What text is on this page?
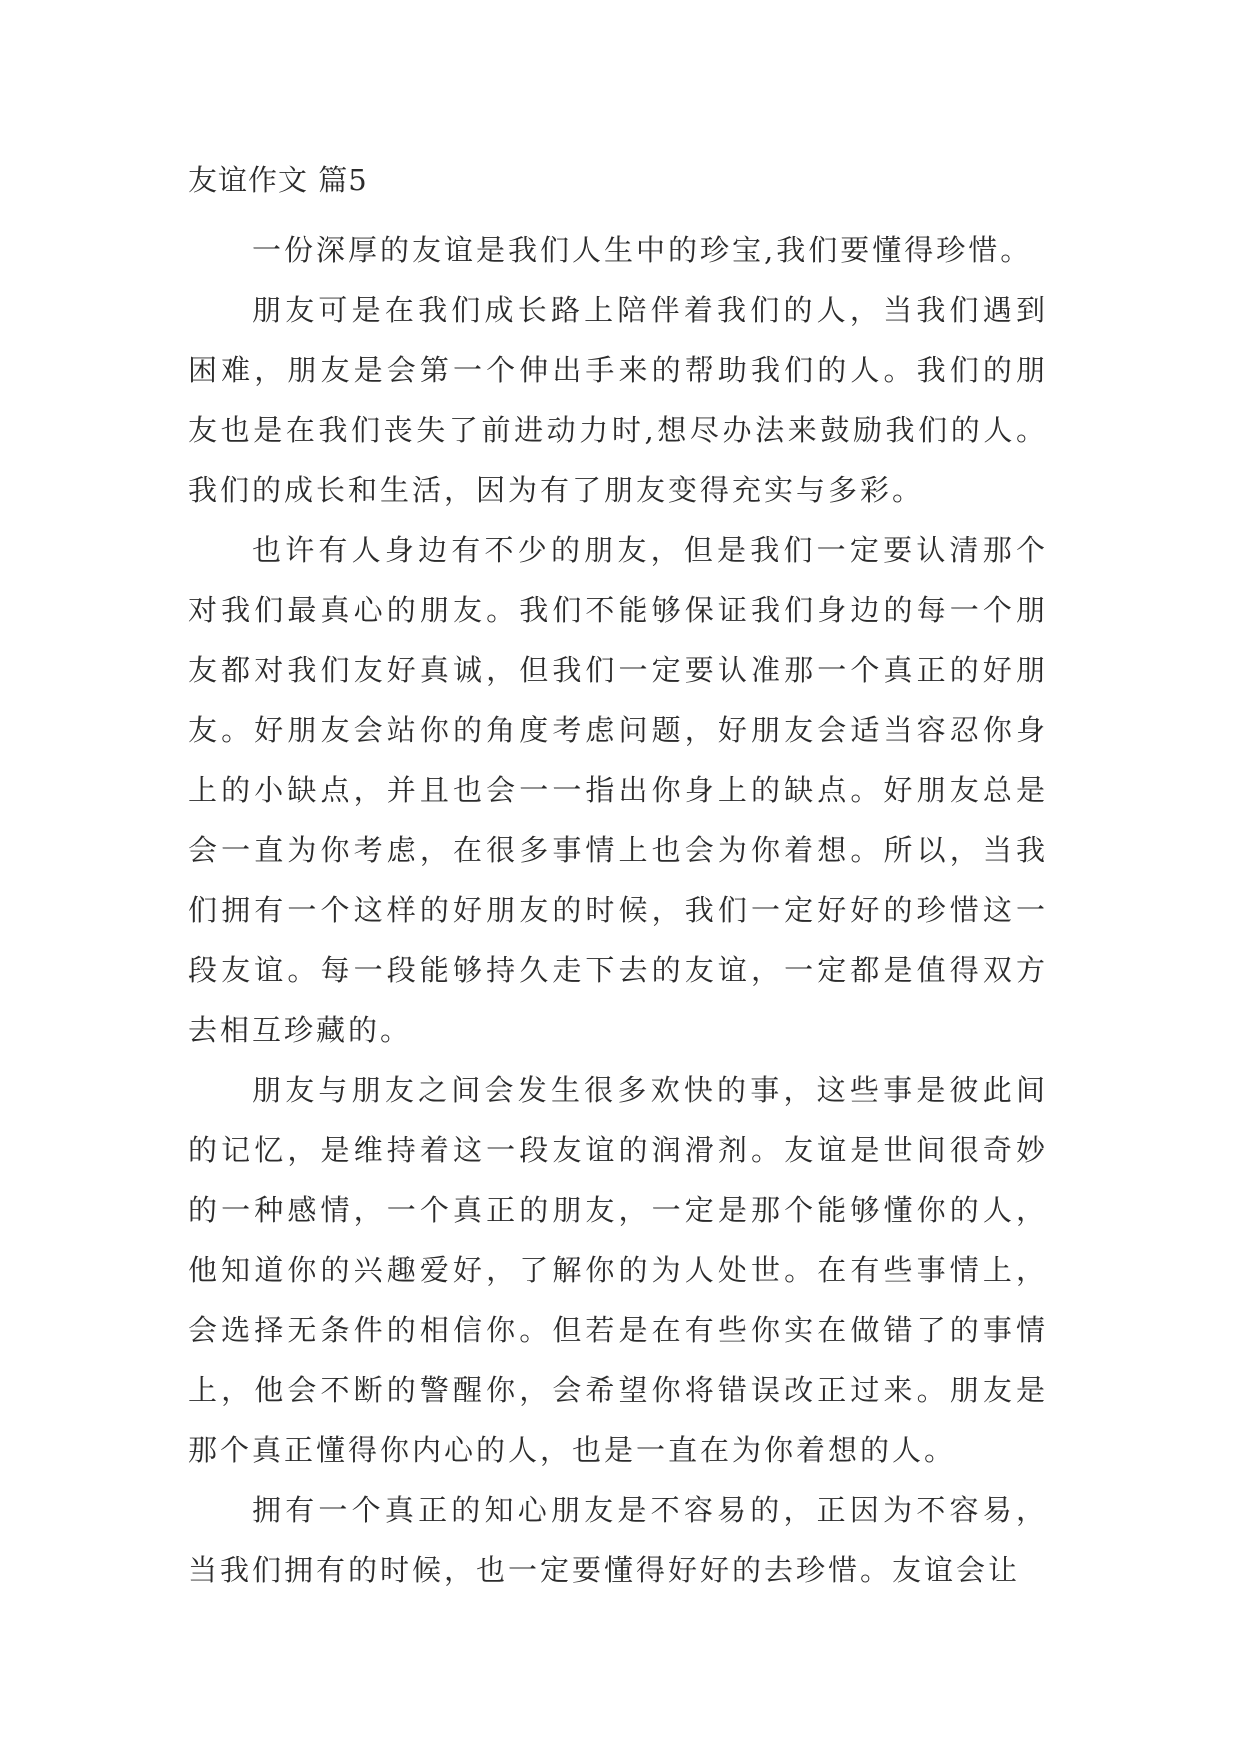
友谊作文 篇5

一份深厚的友谊是我们人生中的珍宝,我们要懂得珍惜。

朋友可是在我们成长路上陪伴着我们的人，当我们遇到困难，朋友是会第一个伸出手来的帮助我们的人。我们的朋友也是在我们丧失了前进动力时,想尽办法来鼓励我们的人。我们的成长和生活，因为有了朋友变得充实与多彩。

也许有人身边有不少的朋友，但是我们一定要认清那个对我们最真心的朋友。我们不能够保证我们身边的每一个朋友都对我们友好真诚，但我们一定要认准那一个真正的好朋友。好朋友会站你的角度考虑问题，好朋友会适当容忍你身上的小缺点，并且也会一一指出你身上的缺点。好朋友总是会一直为你考虑，在很多事情上也会为你着想。所以，当我们拥有一个这样的好朋友的时候，我们一定好好的珍惜这一段友谊。每一段能够持久走下去的友谊，一定都是值得双方去相互珍藏的。

朋友与朋友之间会发生很多欢快的事，这些事是彼此间的记忆，是维持着这一段友谊的润滑剂。友谊是世间很奇妙的一种感情，一个真正的朋友，一定是那个能够懂你的人，他知道你的兴趣爱好，了解你的为人处世。在有些事情上，会选择无条件的相信你。但若是在有些你实在做错了的事情上，他会不断的警醒你，会希望你将错误改正过来。朋友是那个真正懂得你内心的人，也是一直在为你着想的人。

拥有一个真正的知心朋友是不容易的，正因为不容易，当我们拥有的时候，也一定要懂得好好的去珍惜。友谊会让
